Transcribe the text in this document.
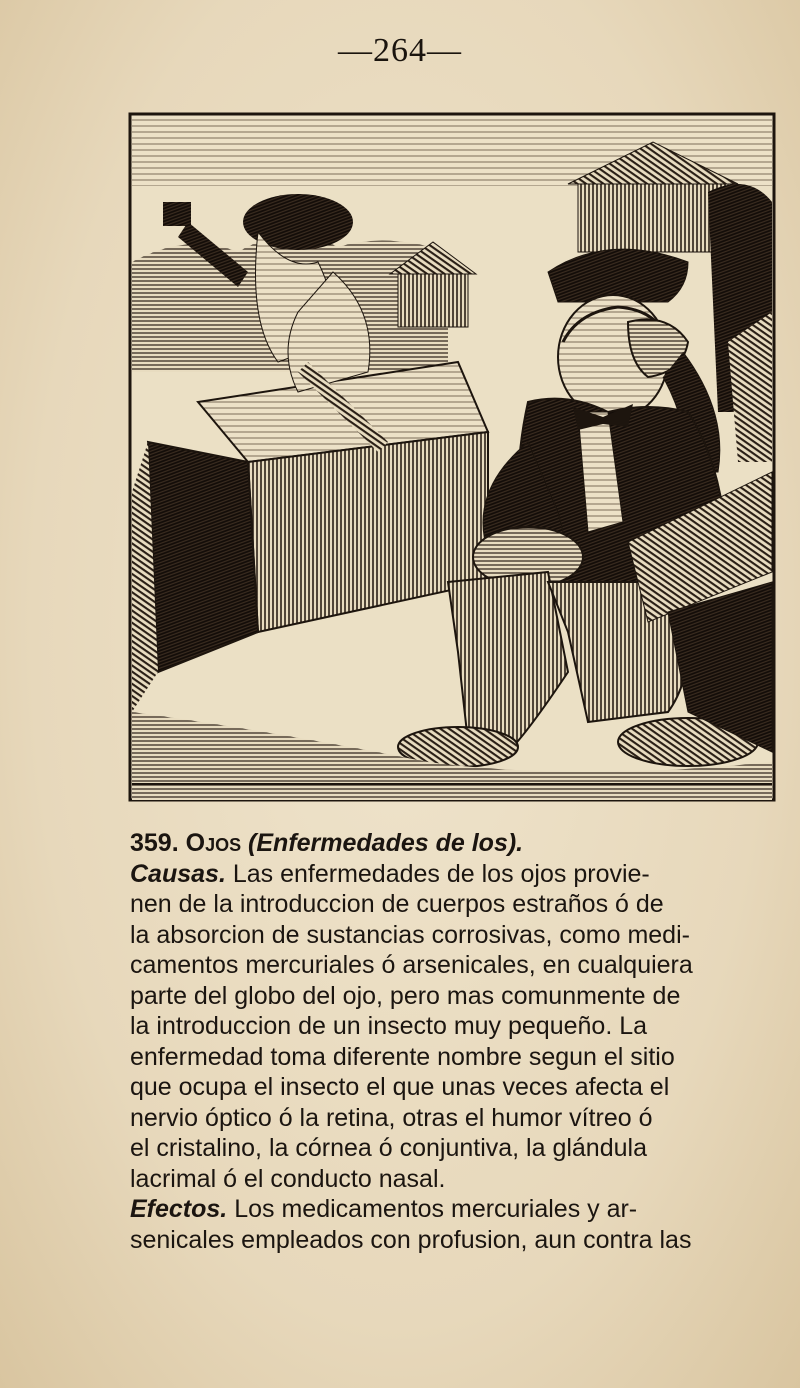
—264—
359. Ojos (Enfermedades de los).
Causas. Las enfermedades de los ojos provie-
nen de la introduccion de cuerpos estraños ó de
la absorcion de sustancias corrosivas, como medi-
camentos mercuriales ó arsenicales, en cualquiera
parte del globo del ojo, pero mas comunmente de
la introduccion de un insecto muy pequeño. La
enfermedad toma diferente nombre segun el sitio
que ocupa el insecto el que unas veces afecta el
nervio óptico ó la retina, otras el humor vítreo ó
el cristalino, la córnea ó conjuntiva, la glándula
lacrimal ó el conducto nasal.
Efectos. Los medicamentos mercuriales y ar-
senicales empleados con profusion, aun contra las
